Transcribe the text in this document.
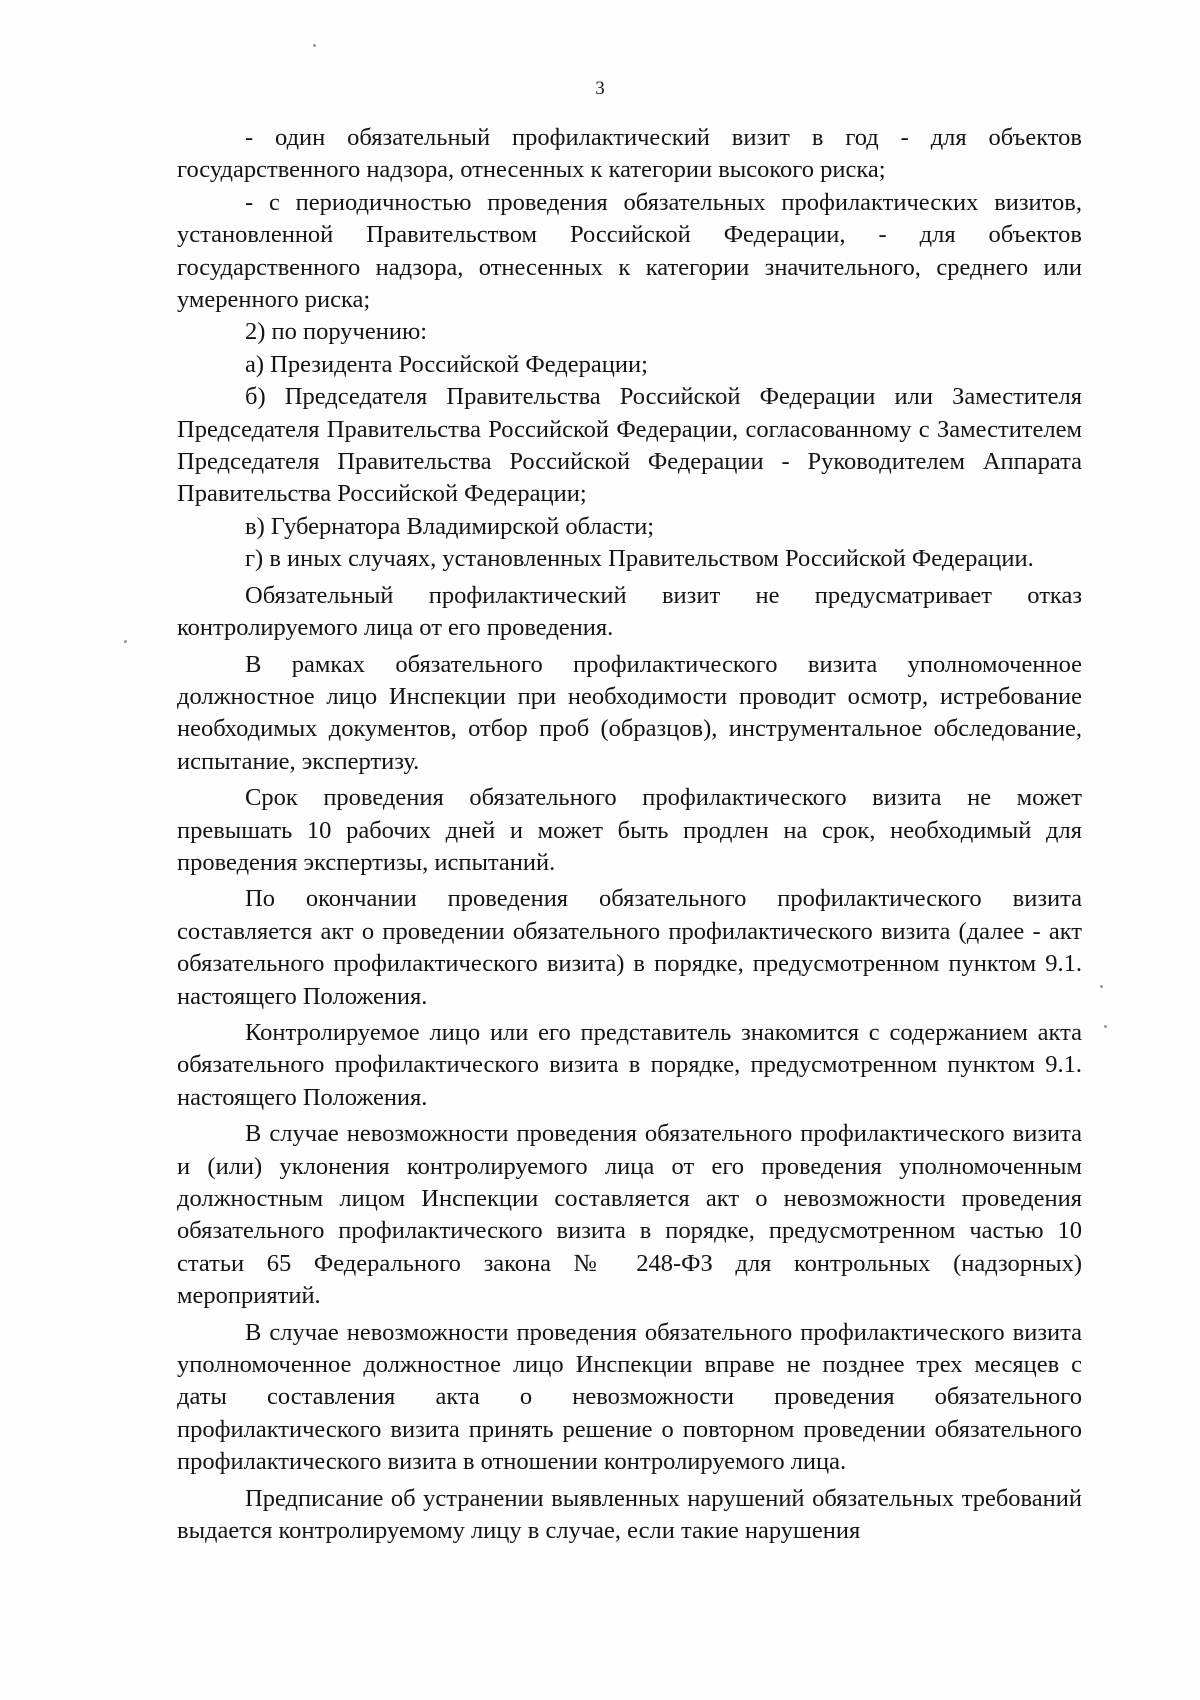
3

- один обязательный профилактический визит в год - для объектов государственного надзора, отнесенных к категории высокого риска;

- с периодичностью проведения обязательных профилактических визитов, установленной Правительством Российской Федерации, - для объектов государственного надзора, отнесенных к категории значительного, среднего или умеренного риска;

2) по поручению:

а) Президента Российской Федерации;

б) Председателя Правительства Российской Федерации или Заместителя Председателя Правительства Российской Федерации, согласованному с Заместителем Председателя Правительства Российской Федерации - Руководителем Аппарата Правительства Российской Федерации;

в) Губернатора Владимирской области;

г) в иных случаях, установленных Правительством Российской Федерации.

Обязательный профилактический визит не предусматривает отказ контролируемого лица от его проведения.

В рамках обязательного профилактического визита уполномоченное должностное лицо Инспекции при необходимости проводит осмотр, истребование необходимых документов, отбор проб (образцов), инструментальное обследование, испытание, экспертизу.

Срок проведения обязательного профилактического визита не может превышать 10 рабочих дней и может быть продлен на срок, необходимый для проведения экспертизы, испытаний.

По окончании проведения обязательного профилактического визита составляется акт о проведении обязательного профилактического визита (далее - акт обязательного профилактического визита) в порядке, предусмотренном пунктом 9.1. настоящего Положения.

Контролируемое лицо или его представитель знакомится с содержанием акта обязательного профилактического визита в порядке, предусмотренном пунктом 9.1. настоящего Положения.

В случае невозможности проведения обязательного профилактического визита и (или) уклонения контролируемого лица от его проведения уполномоченным должностным лицом Инспекции составляется акт о невозможности проведения обязательного профилактического визита в порядке, предусмотренном частью 10 статьи 65 Федерального закона № 248-ФЗ для контрольных (надзорных) мероприятий.

В случае невозможности проведения обязательного профилактического визита уполномоченное должностное лицо Инспекции вправе не позднее трех месяцев с даты составления акта о невозможности проведения обязательного профилактического визита принять решение о повторном проведении обязательного профилактического визита в отношении контролируемого лица.

Предписание об устранении выявленных нарушений обязательных требований выдается контролируемому лицу в случае, если такие нарушения
